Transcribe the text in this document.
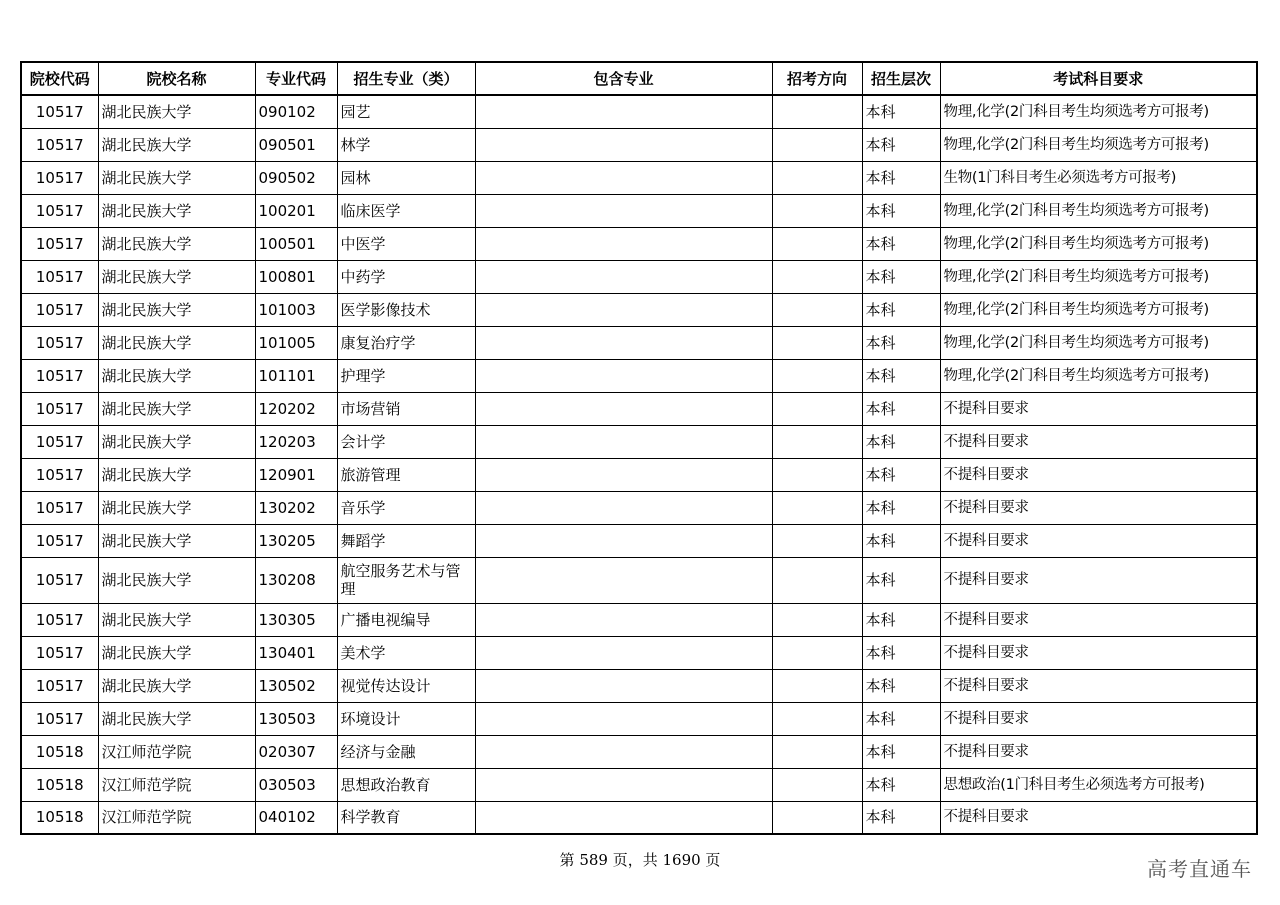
院校代码	院校名称	专业代码	招生专业（类）	包含专业	招考方向	招生层次	考试科目要求
10517	湖北民族大学	090102	园艺			本科	物理,化学(2门科目考生均须选考方可报考)
10517	湖北民族大学	090501	林学			本科	物理,化学(2门科目考生均须选考方可报考)
10517	湖北民族大学	090502	园林			本科	生物(1门科目考生必须选考方可报考)
10517	湖北民族大学	100201	临床医学			本科	物理,化学(2门科目考生均须选考方可报考)
10517	湖北民族大学	100501	中医学			本科	物理,化学(2门科目考生均须选考方可报考)
10517	湖北民族大学	100801	中药学			本科	物理,化学(2门科目考生均须选考方可报考)
10517	湖北民族大学	101003	医学影像技术			本科	物理,化学(2门科目考生均须选考方可报考)
10517	湖北民族大学	101005	康复治疗学			本科	物理,化学(2门科目考生均须选考方可报考)
10517	湖北民族大学	101101	护理学			本科	物理,化学(2门科目考生均须选考方可报考)
10517	湖北民族大学	120202	市场营销			本科	不提科目要求
10517	湖北民族大学	120203	会计学			本科	不提科目要求
10517	湖北民族大学	120901	旅游管理			本科	不提科目要求
10517	湖北民族大学	130202	音乐学			本科	不提科目要求
10517	湖北民族大学	130205	舞蹈学			本科	不提科目要求
10517	湖北民族大学	130208	航空服务艺术与管理			本科	不提科目要求
10517	湖北民族大学	130305	广播电视编导			本科	不提科目要求
10517	湖北民族大学	130401	美术学			本科	不提科目要求
10517	湖北民族大学	130502	视觉传达设计			本科	不提科目要求
10517	湖北民族大学	130503	环境设计			本科	不提科目要求
10518	汉江师范学院	020307	经济与金融			本科	不提科目要求
10518	汉江师范学院	030503	思想政治教育			本科	思想政治(1门科目考生必须选考方可报考)
10518	汉江师范学院	040102	科学教育			本科	不提科目要求
第 589 页，共 1690 页	高考直通车
